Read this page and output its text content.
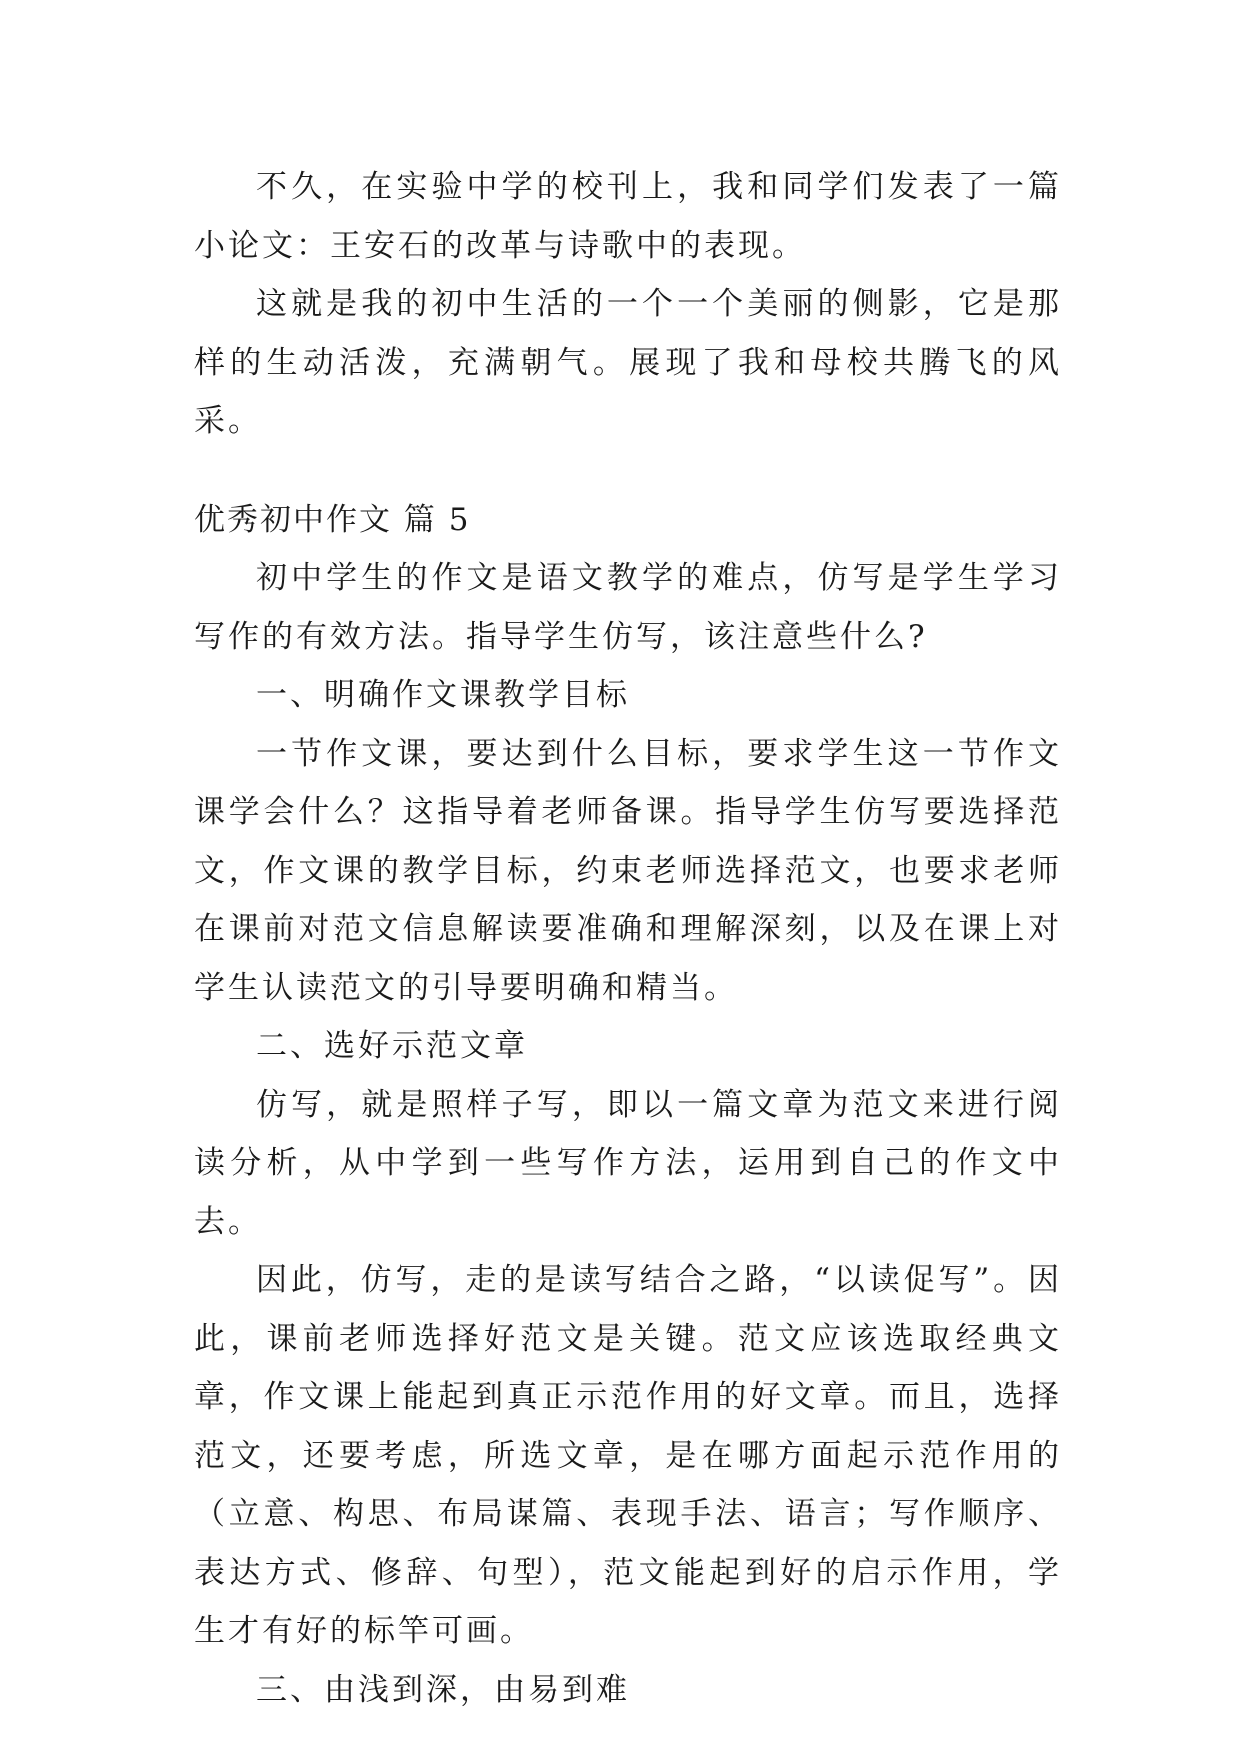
不久，在实验中学的校刊上，我和同学们发表了一篇小论文：王安石的改革与诗歌中的表现。

这就是我的初中生活的一个一个美丽的侧影，它是那样的生动活泼，充满朝气。展现了我和母校共腾飞的风采。

优秀初中作文 篇 5

初中学生的作文是语文教学的难点，仿写是学生学习写作的有效方法。指导学生仿写，该注意些什么?

一、明确作文课教学目标

一节作文课，要达到什么目标，要求学生这一节作文课学会什么？这指导着老师备课。指导学生仿写要选择范文，作文课的教学目标，约束老师选择范文，也要求老师在课前对范文信息解读要准确和理解深刻，以及在课上对学生认读范文的引导要明确和精当。

二、选好示范文章

仿写，就是照样子写，即以一篇文章为范文来进行阅读分析，从中学到一些写作方法，运用到自己的作文中去。

因此，仿写，走的是读写结合之路，“以读促写”。因此，课前老师选择好范文是关键。范文应该选取经典文章，作文课上能起到真正示范作用的好文章。而且，选择范文，还要考虑，所选文章，是在哪方面起示范作用的（立意、构思、布局谋篇、表现手法、语言；写作顺序、表达方式、修辞、句型），范文能起到好的启示作用，学生才有好的标竿可画。

三、由浅到深，由易到难
